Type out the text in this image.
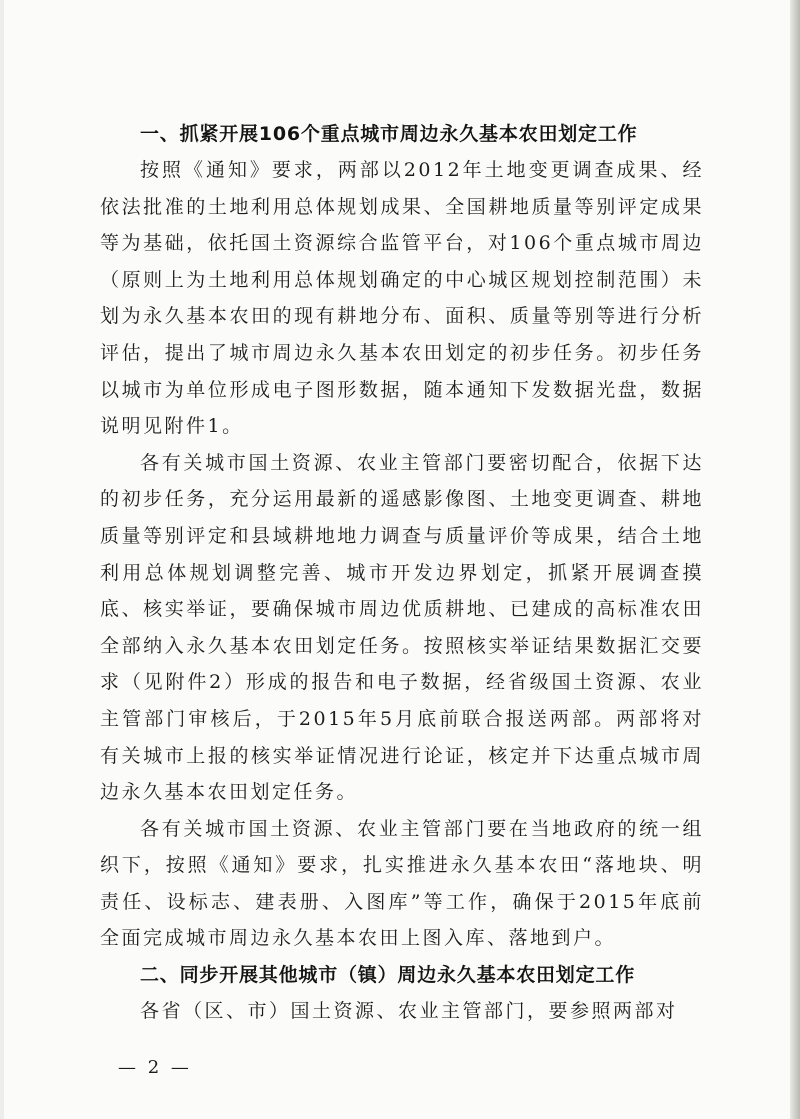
一、抓紧开展106个重点城市周边永久基本农田划定工作

按照《通知》要求，两部以2012年土地变更调查成果、经依法批准的土地利用总体规划成果、全国耕地质量等别评定成果等为基础，依托国土资源综合监管平台，对106个重点城市周边（原则上为土地利用总体规划确定的中心城区规划控制范围）未划为永久基本农田的现有耕地分布、面积、质量等别等进行分析评估，提出了城市周边永久基本农田划定的初步任务。初步任务以城市为单位形成电子图形数据，随本通知下发数据光盘，数据说明见附件1。

各有关城市国土资源、农业主管部门要密切配合，依据下达的初步任务，充分运用最新的遥感影像图、土地变更调查、耕地质量等别评定和县域耕地地力调查与质量评价等成果，结合土地利用总体规划调整完善、城市开发边界划定，抓紧开展调查摸底、核实举证，要确保城市周边优质耕地、已建成的高标准农田全部纳入永久基本农田划定任务。按照核实举证结果数据汇交要求（见附件2）形成的报告和电子数据，经省级国土资源、农业主管部门审核后，于2015年5月底前联合报送两部。两部将对有关城市上报的核实举证情况进行论证，核定并下达重点城市周边永久基本农田划定任务。

各有关城市国土资源、农业主管部门要在当地政府的统一组织下，按照《通知》要求，扎实推进永久基本农田“落地块、明责任、设标志、建表册、入图库”等工作，确保于2015年底前全面完成城市周边永久基本农田上图入库、落地到户。

二、同步开展其他城市（镇）周边永久基本农田划定工作

各省（区、市）国土资源、农业主管部门，要参照两部对

— 2 —
